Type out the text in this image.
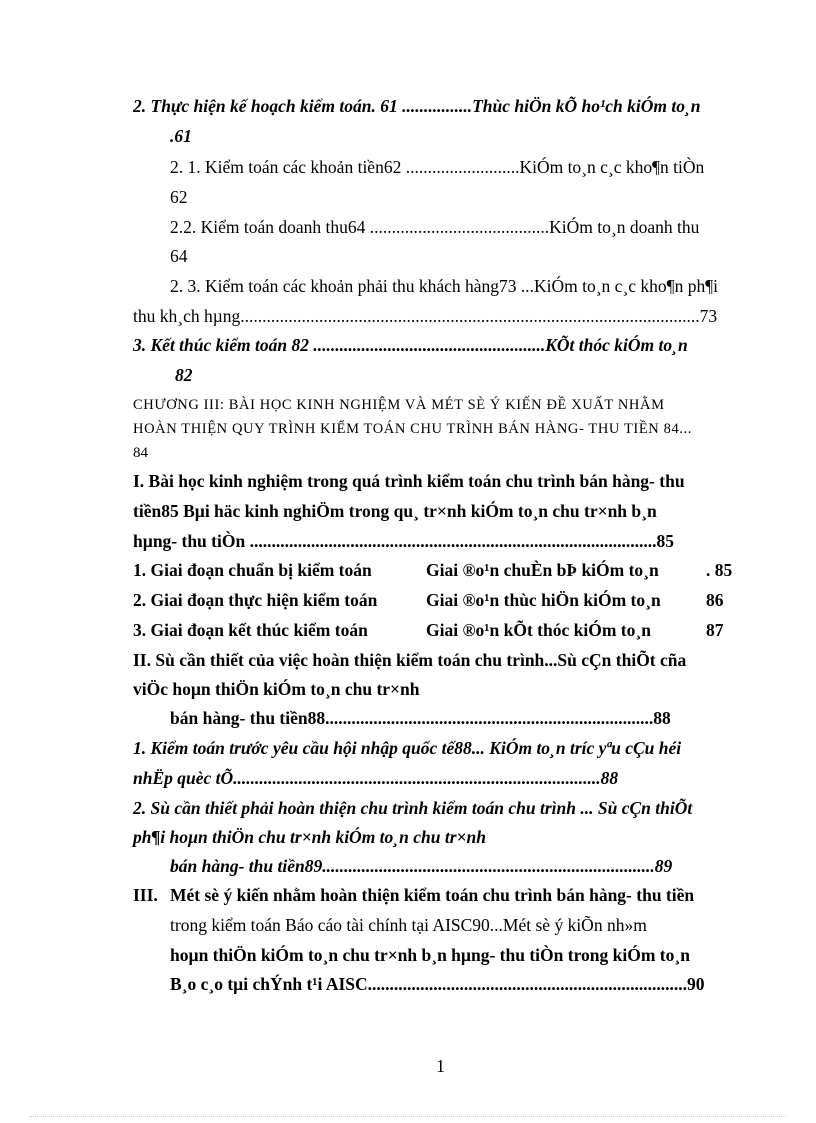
2. Thực hiện kế hoạch kiểm toán. 61 ................Thùc hiÖn kÕ ho¹ch kiÓm to¸n
.61
2. 1. Kiểm toán các khoản tiền62 ..........................KiÓm to¸n c¸c kho¶n tiÒn
62
2.2. Kiểm toán doanh thu64 .........................................KiÓm to¸n doanh thu
64
2. 3. Kiểm toán các khoản phải thu khách hàng73 ...KiÓm to¸n c¸c kho¶n ph¶i
thu kh¸ch hµng.........................................................................................................73
3. Kết thúc kiểm toán 82 .....................................................KÕt thóc kiÓm to¸n
82
CHƯƠNG III: BÀI HỌC KINH NGHIỆM VÀ MÉT SÈ Ý KIẾN ĐỀ XUẤT NHẰM
HOÀN THIỆN QUY TRÌNH KIỂM TOÁN CHU TRÌNH BÁN HÀNG- THU TIỀN 84...
84
I. Bài học kinh nghiệm trong quá trình kiểm toán chu trình bán hàng- thu
tiền85 Bµi häc kinh nghiÖm trong qu¸ tr×nh kiÓm to¸n chu tr×nh b¸n
hµng- thu tiÒn .............................................................................................85
1. Giai đoạn chuẩn bị kiểm toán	Giai ®o¹n chuÈn bÞ kiÓm to¸n	. 85
2. Giai đoạn thực hiện kiểm toán	Giai ®o¹n thùc hiÖn kiÓm to¸n	86
3. Giai đoạn kết thúc kiểm toán	Giai ®o¹n kÕt thóc kiÓm to¸n	87
II. Sù cần thiết của việc hoàn thiện kiểm toán chu trình...Sù cÇn thiÕt cña
viÖc hoµn thiÖn kiÓm to¸n chu tr×nh
bán hàng- thu tiền88...........................................................................88
1. Kiểm toán trước yêu cầu hội nhập quốc tế88... KiÓm to¸n tríc yªu cÇu héi
nhËp quèc tÕ....................................................................................88
2. Sù cần thiết phải hoàn thiện chu trình kiểm toán chu trình ... Sù cÇn thiÕt
ph¶i hoµn thiÖn chu tr×nh kiÓm to¸n chu tr×nh
bán hàng- thu tiền89............................................................................89
III. Mét sè ý kiến nhằm hoàn thiện kiểm toán chu trình bán hàng- thu tiền
trong kiểm toán Báo cáo tài chính tại AISC90...Mét sè ý kiÕn nh»m
hoµn thiÖn kiÓm to¸n chu tr×nh b¸n hµng- thu tiÒn trong kiÓm to¸n
B¸o c¸o tµi chÝnh t¹i AISC.........................................................................90
1
